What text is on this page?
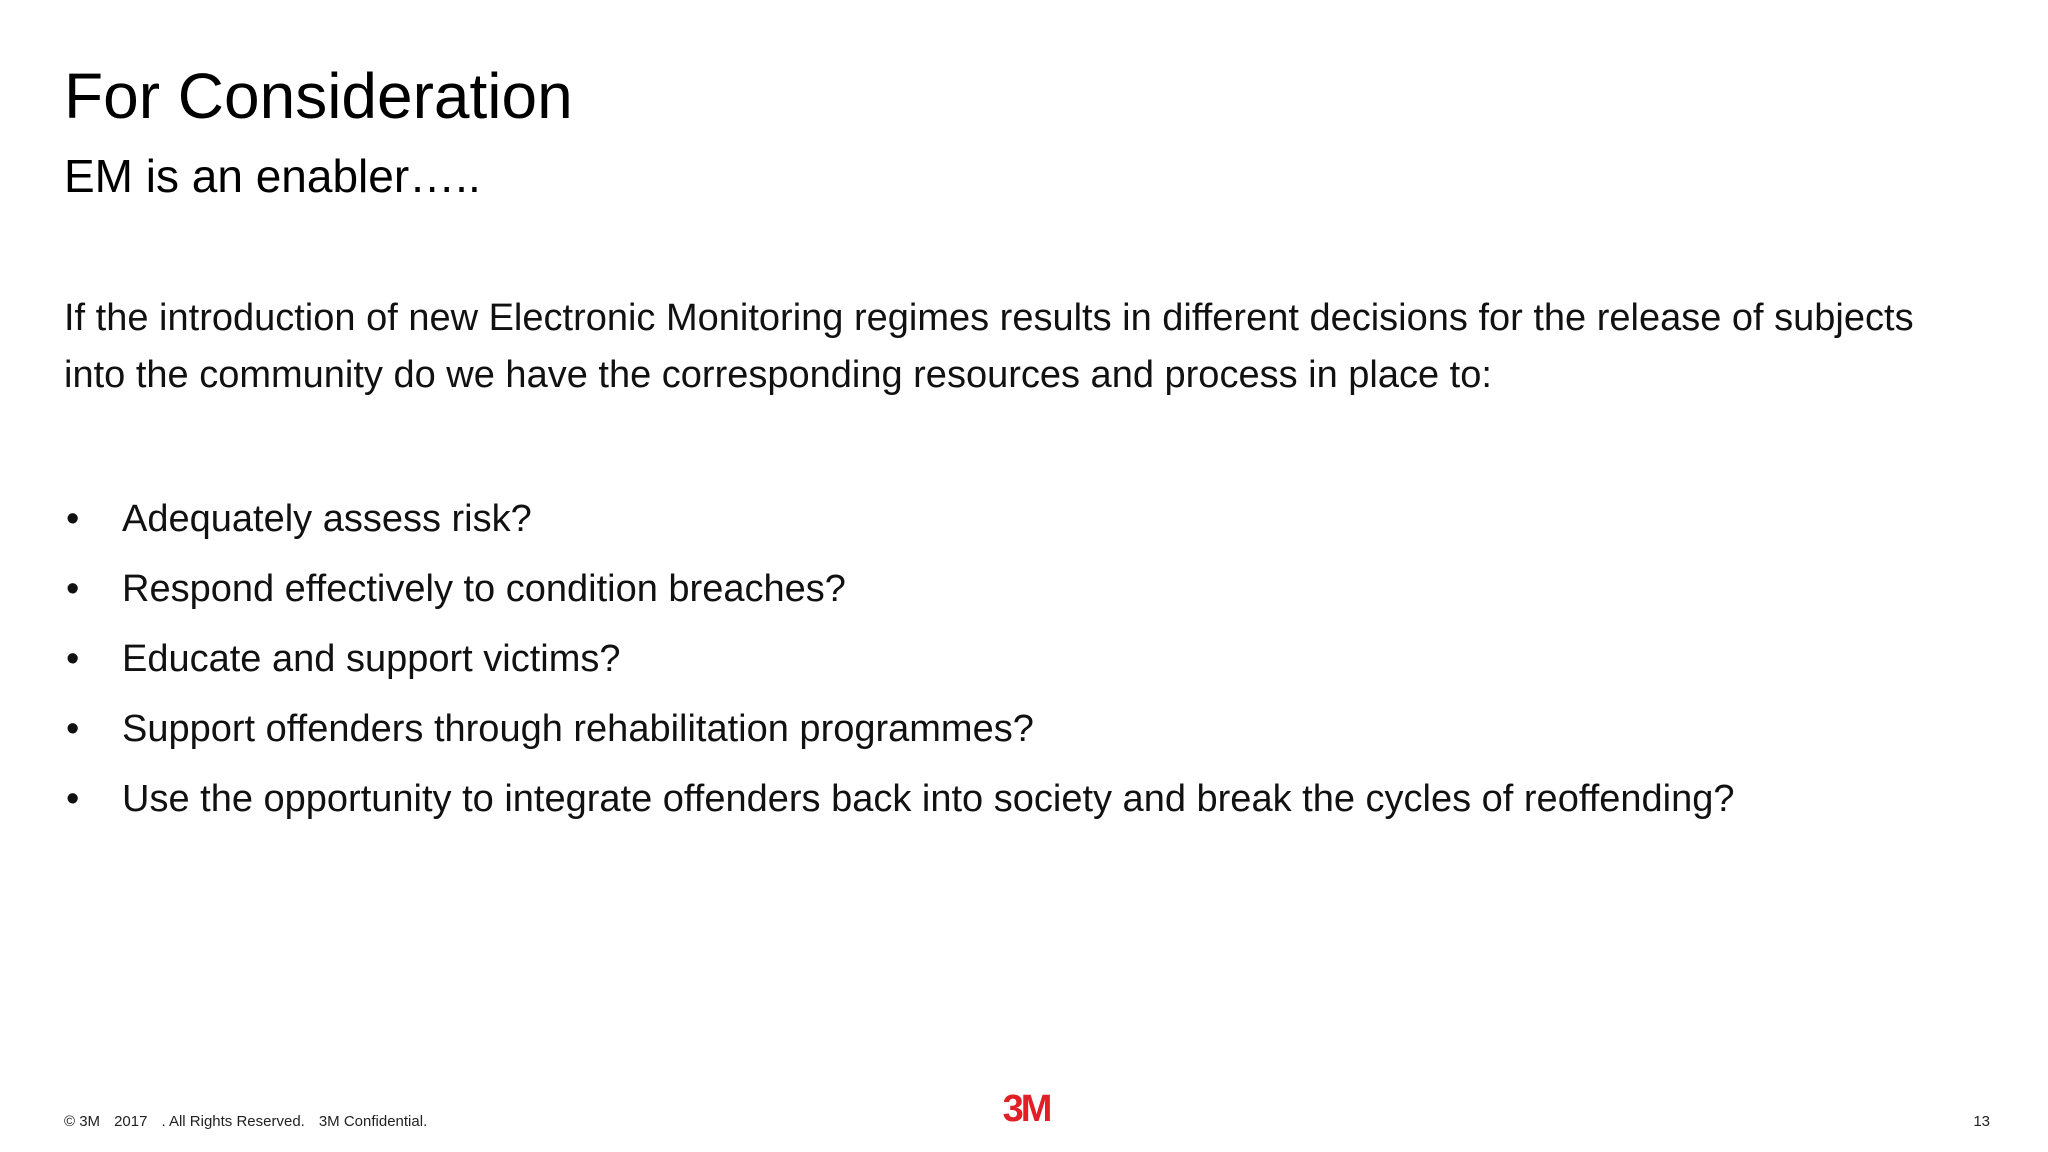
For Consideration
EM is an enabler…..
If the introduction of new Electronic Monitoring regimes results in different decisions for the release of subjects into the community do we have the corresponding resources and process in place to:
• Adequately assess risk?
• Respond effectively to condition breaches?
• Educate and support victims?
• Support offenders through rehabilitation programmes?
• Use the opportunity to integrate offenders back into society and break the cycles of reoffending?
© 3M 2017 . All Rights Reserved. 3M Confidential.	3M	13
